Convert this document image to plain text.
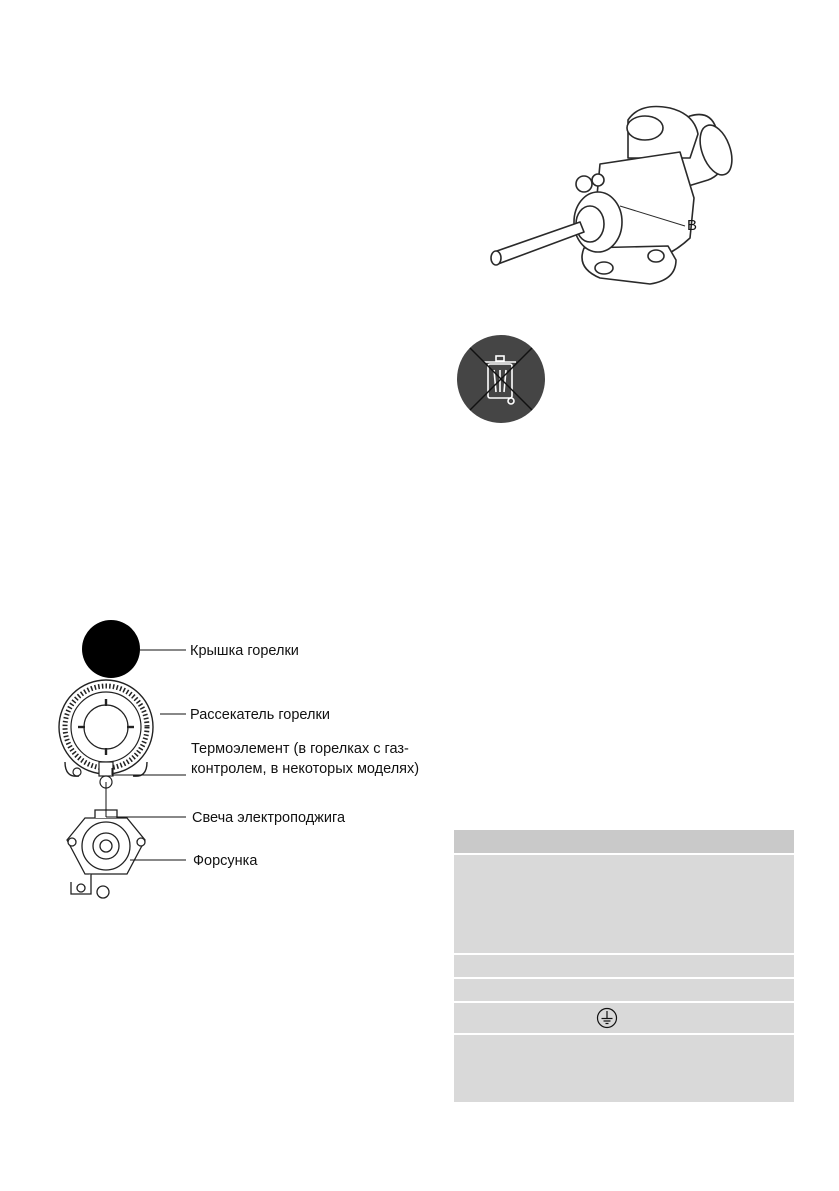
B
Крышка горелки
Рассекатель горелки
Термоэлемент (в горелках с газ-контролем, в некоторых моделях)
Свеча электроподжига
Форсунка
